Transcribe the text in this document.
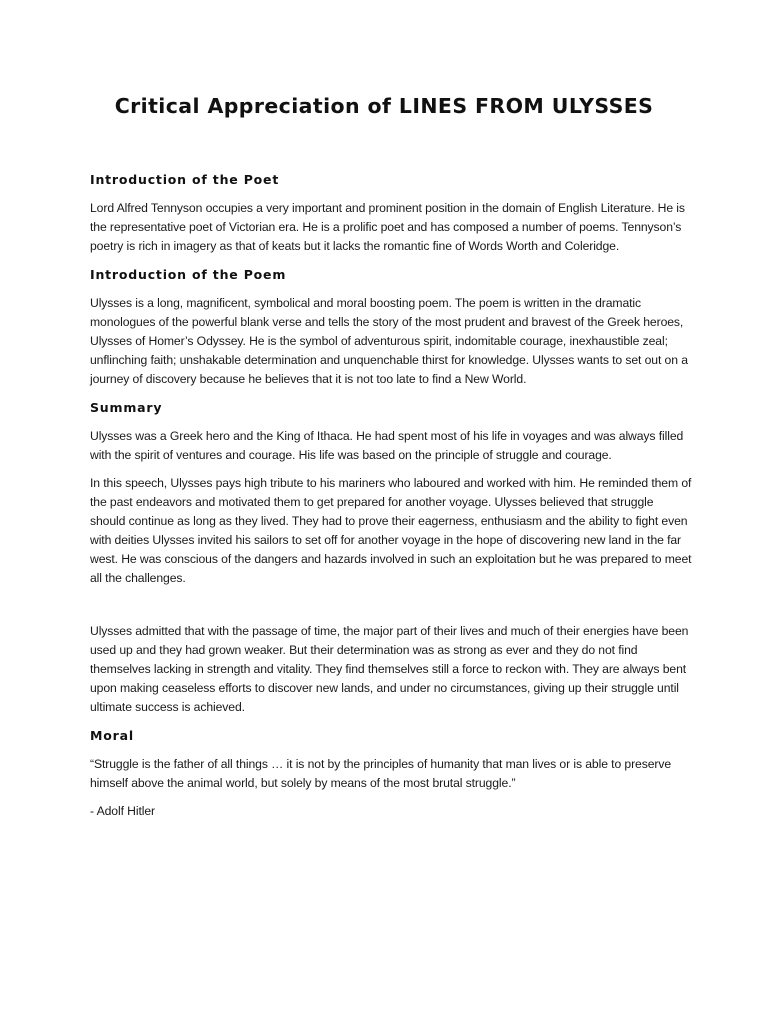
Critical Appreciation of LINES FROM ULYSSES
Introduction of the Poet

Lord Alfred Tennyson occupies a very important and prominent position in the domain of English Literature. He is the representative poet of Victorian era. He is a prolific poet and has composed a number of poems. Tennyson’s poetry is rich in imagery as that of keats but it lacks the romantic fine of Words Worth and Coleridge.

Introduction of the Poem

Ulysses is a long, magnificent, symbolical and moral boosting poem. The poem is written in the dramatic monologues of the powerful blank verse and tells the story of the most prudent and bravest of the Greek heroes, Ulysses of Homer’s Odyssey. He is the symbol of adventurous spirit, indomitable courage, inexhaustible zeal; unflinching faith; unshakable determination and unquenchable thirst for knowledge. Ulysses wants to set out on a journey of discovery because he believes that it is not too late to find a New World.

Summary

Ulysses was a Greek hero and the King of Ithaca. He had spent most of his life in voyages and was always filled with the spirit of ventures and courage. His life was based on the principle of struggle and courage.

In this speech, Ulysses pays high tribute to his mariners who laboured and worked with him. He reminded them of the past endeavors and motivated them to get prepared for another voyage. Ulysses believed that struggle should continue as long as they lived. They had to prove their eagerness, enthusiasm and the ability to fight even with deities Ulysses invited his sailors to set off for another voyage in the hope of discovering new land in the far west. He was conscious of the dangers and hazards involved in such an exploitation but he was prepared to meet all the challenges.

Ulysses admitted that with the passage of time, the major part of their lives and much of their energies have been used up and they had grown weaker. But their determination was as strong as ever and they do not find themselves lacking in strength and vitality. They find themselves still a force to reckon with. They are always bent upon making ceaseless efforts to discover new lands, and under no circumstances, giving up their struggle until ultimate success is achieved.

Moral

“Struggle is the father of all things … it is not by the principles of humanity that man lives or is able to preserve himself above the animal world, but solely by means of the most brutal struggle.”

- Adolf Hitler
